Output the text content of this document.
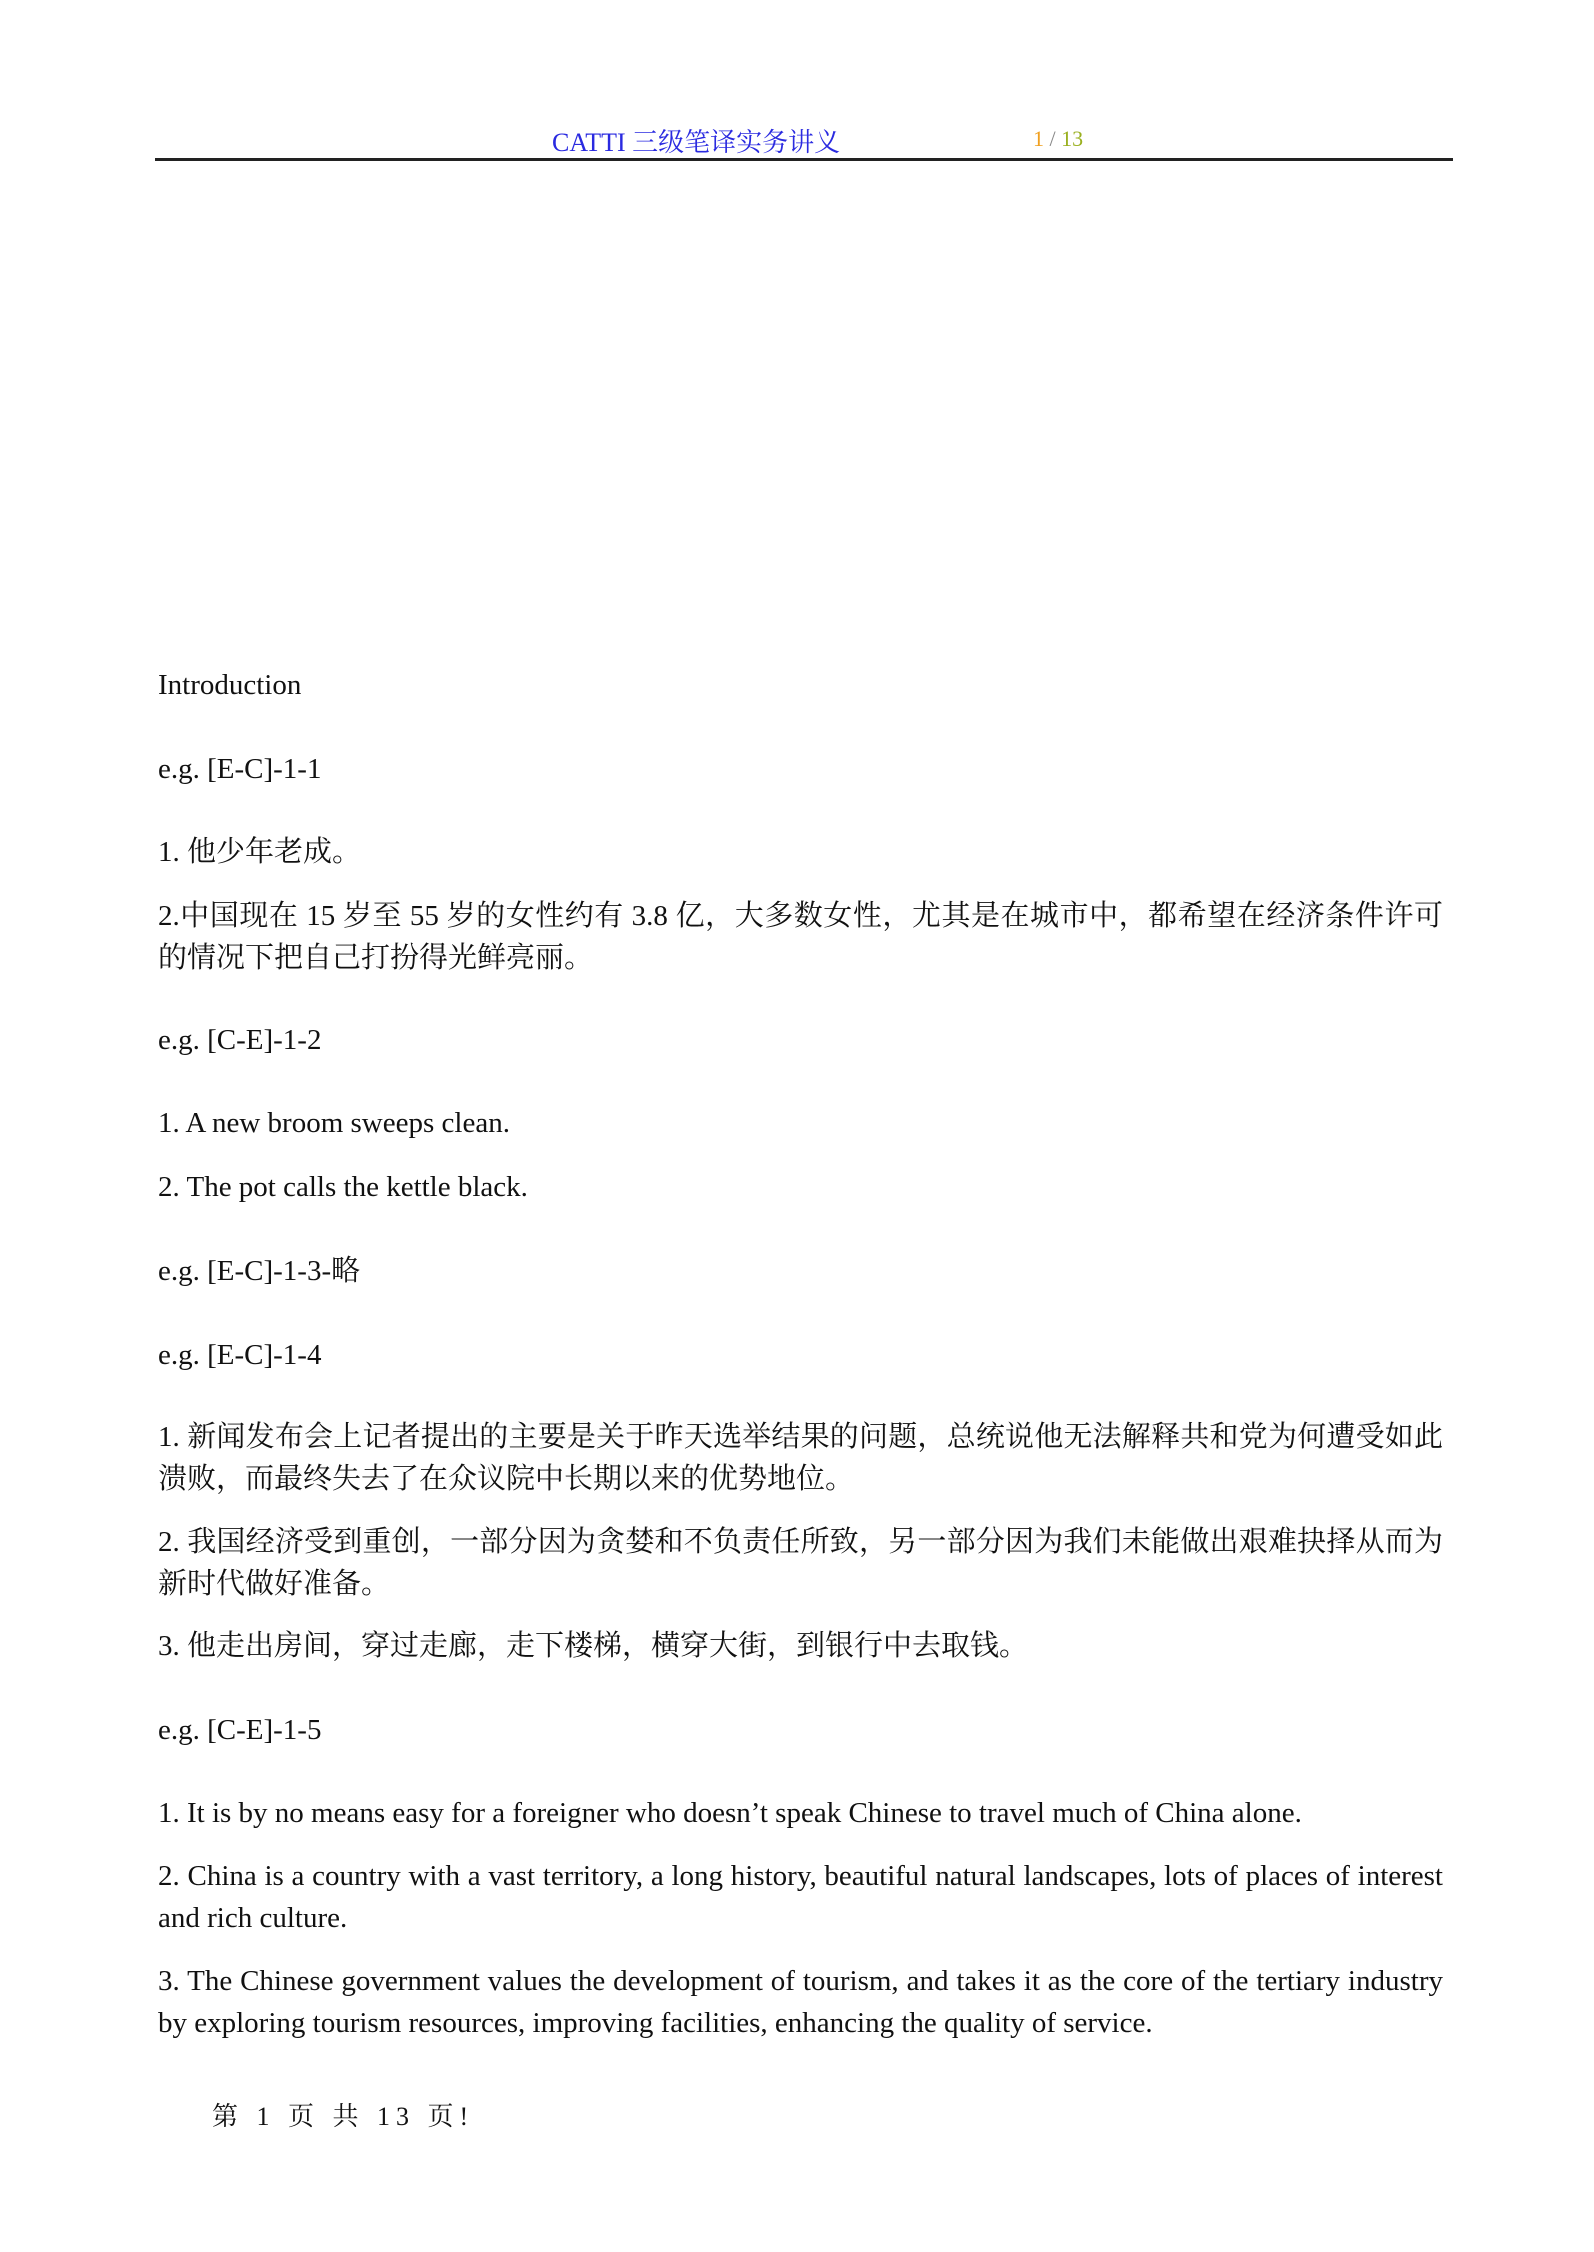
CATTI 三级笔译实务讲义	1 / 13

Introduction

e.g. [E-C]-1-1

1. 他少年老成。

2.中国现在 15 岁至 55 岁的女性约有 3.8 亿，大多数女性，尤其是在城市中，都希望在经济条件许可的情况下把自己打扮得光鲜亮丽。

e.g. [C-E]-1-2

1. A new broom sweeps clean.

2. The pot calls the kettle black.

e.g. [E-C]-1-3-略

e.g. [E-C]-1-4

1. 新闻发布会上记者提出的主要是关于昨天选举结果的问题，总统说他无法解释共和党为何遭受如此溃败，而最终失去了在众议院中长期以来的优势地位。

2. 我国经济受到重创，一部分因为贪婪和不负责任所致，另一部分因为我们未能做出艰难抉择从而为新时代做好准备。

3. 他走出房间，穿过走廊，走下楼梯，横穿大街，到银行中去取钱。

e.g. [C-E]-1-5

1. It is by no means easy for a foreigner who doesn’t speak Chinese to travel much of China alone.

2. China is a country with a vast territory, a long history, beautiful natural landscapes, lots of places of interest and rich culture.

3. The Chinese government values the development of tourism, and takes it as the core of the tertiary industry by exploring tourism resources, improving facilities, enhancing the quality of service.

第 1 页 共 13 页!
